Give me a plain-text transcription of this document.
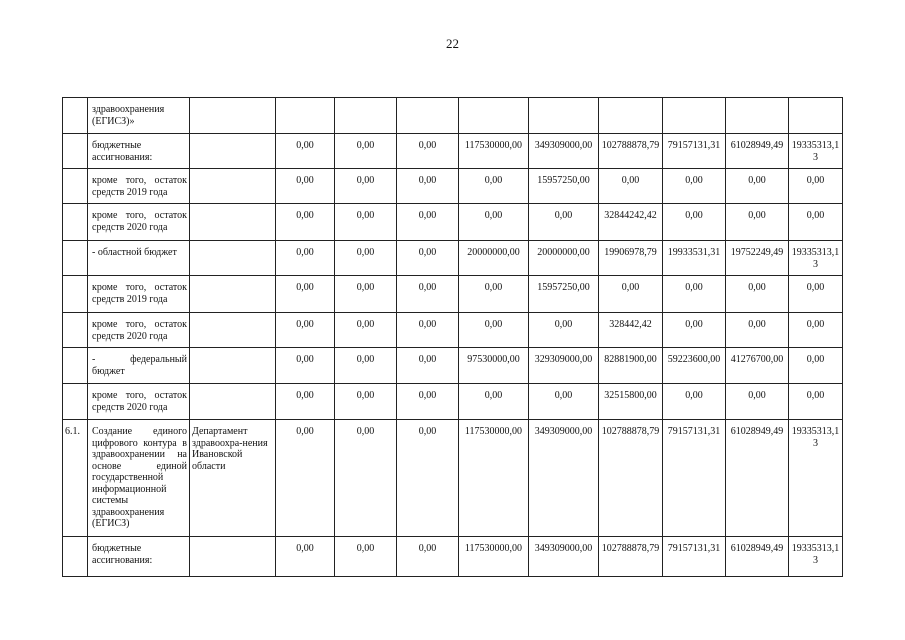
22
	здравоохранения (ЕГИСЗ)»										
	бюджетные ассигнования:		0,00	0,00	0,00	117530000,00	349309000,00	102788878,79	79157131,31	61028949,49	19335313,13
	кроме того, остаток средств 2019 года		0,00	0,00	0,00	0,00	15957250,00	0,00	0,00	0,00	0,00
	кроме того, остаток средств 2020 года		0,00	0,00	0,00	0,00	0,00	32844242,42	0,00	0,00	0,00
	- областной бюджет		0,00	0,00	0,00	20000000,00	20000000,00	19906978,79	19933531,31	19752249,49	19335313,13
	кроме того, остаток средств 2019 года		0,00	0,00	0,00	0,00	15957250,00	0,00	0,00	0,00	0,00
	кроме того, остаток средств 2020 года		0,00	0,00	0,00	0,00	0,00	328442,42	0,00	0,00	0,00
	- федеральный бюджет		0,00	0,00	0,00	97530000,00	329309000,00	82881900,00	59223600,00	41276700,00	0,00
	кроме того, остаток средств 2020 года		0,00	0,00	0,00	0,00	0,00	32515800,00	0,00	0,00	0,00
6.1.	Создание единого цифрового контура в здравоохранении на основе единой государственной информационной системы здравоохранения (ЕГИСЗ)	Департамент здравоохра-нения Ивановской области	0,00	0,00	0,00	117530000,00	349309000,00	102788878,79	79157131,31	61028949,49	19335313,13
	бюджетные ассигнования:		0,00	0,00	0,00	117530000,00	349309000,00	102788878,79	79157131,31	61028949,49	19335313,13
